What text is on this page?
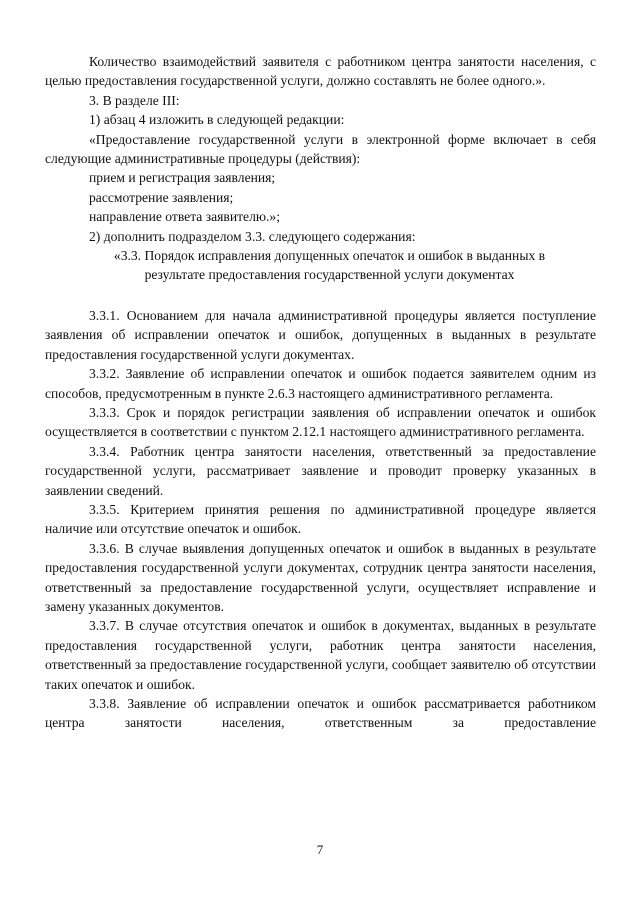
Количество взаимодействий заявителя с работником центра занятости населения, с целью предоставления государственной услуги, должно составлять не более одного.».

3. В разделе III:

1) абзац 4 изложить в следующей редакции:

«Предоставление государственной услуги в электронной форме включает в себя следующие административные процедуры (действия):

прием и регистрация заявления;

рассмотрение заявления;

направление ответа заявителю.»;

2) дополнить подразделом 3.3. следующего содержания:

«3.3. Порядок исправления допущенных опечаток и ошибок в выданных в результате предоставления государственной услуги документах

3.3.1. Основанием для начала административной процедуры является поступление заявления об исправлении опечаток и ошибок, допущенных в выданных в результате предоставления государственной услуги документах.

3.3.2. Заявление об исправлении опечаток и ошибок подается заявителем одним из способов, предусмотренным в пункте 2.6.3 настоящего административного регламента.

3.3.3. Срок и порядок регистрации заявления об исправлении опечаток и ошибок осуществляется в соответствии с пунктом 2.12.1 настоящего административного регламента.

3.3.4. Работник центра занятости населения, ответственный за предоставление государственной услуги, рассматривает заявление и проводит проверку указанных в заявлении сведений.

3.3.5. Критерием принятия решения по административной процедуре является наличие или отсутствие опечаток и ошибок.

3.3.6. В случае выявления допущенных опечаток и ошибок в выданных в результате предоставления государственной услуги документах, сотрудник центра занятости населения, ответственный за предоставление государственной услуги, осуществляет исправление и замену указанных документов.

3.3.7. В случае отсутствия опечаток и ошибок в документах, выданных в результате предоставления государственной услуги, работник центра занятости населения, ответственный за предоставление государственной услуги, сообщает заявителю об отсутствии таких опечаток и ошибок.

3.3.8. Заявление об исправлении опечаток и ошибок рассматривается работником центра занятости населения, ответственным за предоставление

7
